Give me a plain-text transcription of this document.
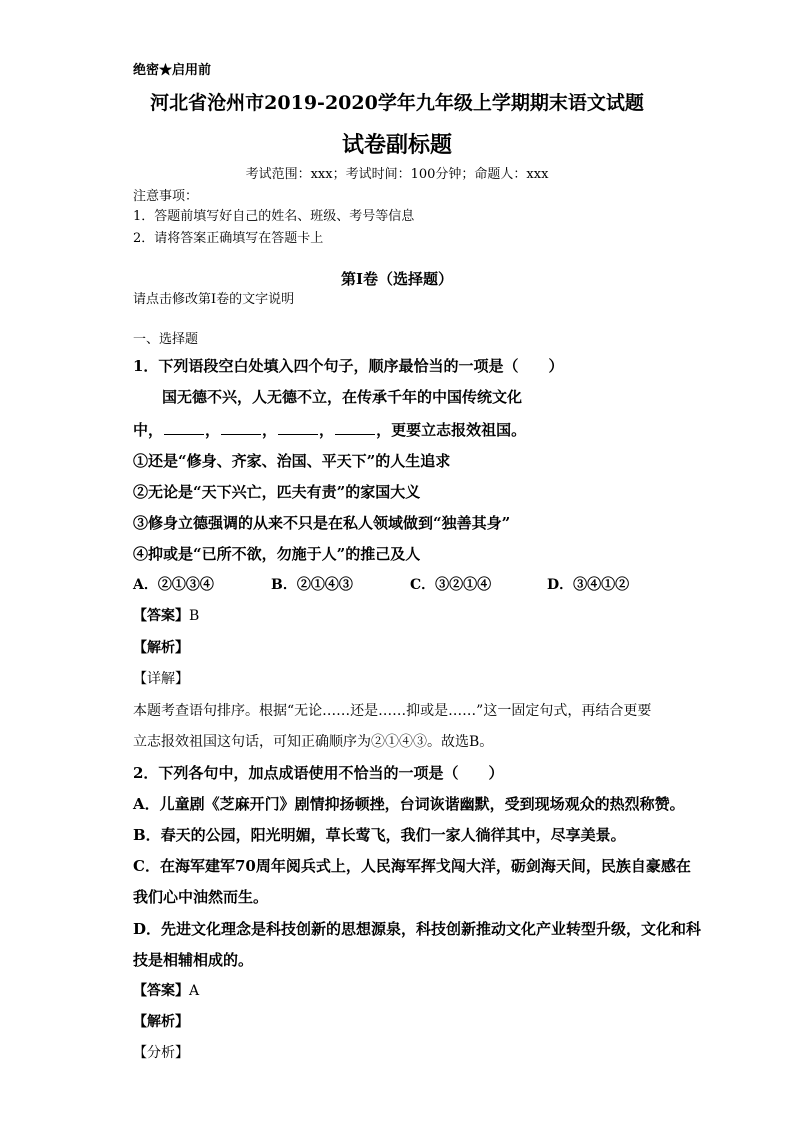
绝密★启用前
河北省沧州市2019-2020学年九年级上学期期末语文试题
试卷副标题
考试范围：xxx；考试时间：100分钟；命题人：xxx
注意事项：
1．答题前填写好自己的姓名、班级、考号等信息
2．请将答案正确填写在答题卡上
第I卷（选择题）
请点击修改第I卷的文字说明
一、选择题
1．下列语段空白处填入四个句子，顺序最恰当的一项是（　　）
国无德不兴，人无德不立，在传承千年的中国传统文化
中，	，	，	，	，更要立志报效祖国。
①还是“修身、齐家、治国、平天下”的人生追求
②无论是“天下兴亡，匹夫有责”的家国大义
③修身立德强调的从来不只是在私人领域做到“独善其身”
④抑或是“已所不欲，勿施于人”的推己及人
A．②①③④	B．②①④③	C．③②①④	D．③④①②
【答案】B
【解析】
【详解】
本题考查语句排序。根据“无论……还是……抑或是……”这一固定句式，再结合更要
立志报效祖国这句话，可知正确顺序为②①④③。故选B。
2．下列各句中，加点成语使用不恰当的一项是（　　）
A．儿童剧《芝麻开门》剧情抑扬顿挫，台词诙谐幽默，受到现场观众的热烈称赞。
B．春天的公园，阳光明媚，草长莺飞，我们一家人徜徉其中，尽享美景。
C．在海军建军70周年阅兵式上，人民海军挥戈闯大洋，砺剑海天间，民族自豪感在
我们心中油然而生。
D．先进文化理念是科技创新的思想源泉，科技创新推动文化产业转型升级，文化和科
技是相辅相成的。
【答案】A
【解析】
【分析】
